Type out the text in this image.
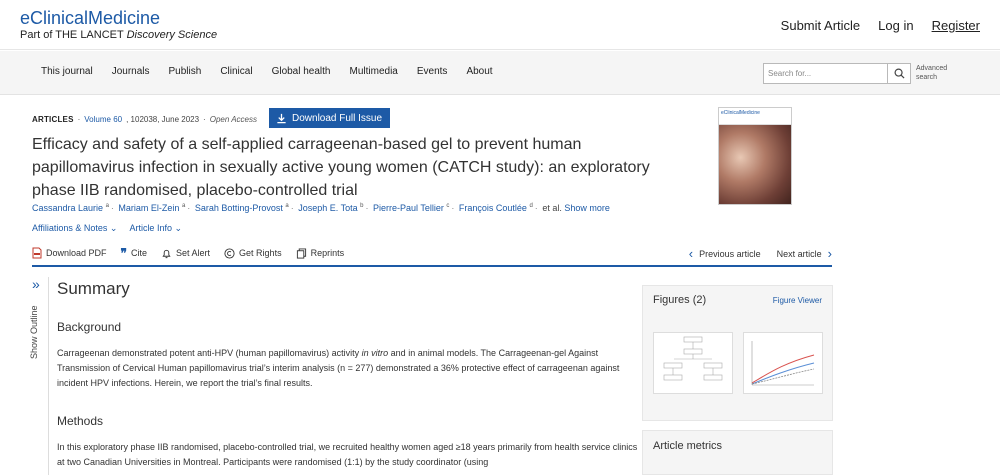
eClinicalMedicine
Part of THE LANCET Discovery Science
Submit Article Log in Register
This journal Journals Publish Clinical Global health Multimedia Events About	Search for...
Advanced search
ARTICLES · Volume 60 , 102038, June 2023 · Open Access	Download Full Issue
Efficacy and safety of a self-applied carrageenan-based gel to prevent human papillomavirus infection in sexually active young women (CATCH study): an exploratory phase IIB randomised, placebo-controlled trial
Cassandra Laurie $^a$ · Mariam El-Zein $^a$ · Sarah Botting-Provost $^a$ · Joseph E. Tota $^b$ · Pierre-Paul Tellier $^c$ · François Coutlée $^d$ · et al. Show more
Affiliations & Notes ⌄ Article Info ⌄
Download PDF ❞ Cite	Set Alert	Get Rights	Reprints	‹ Previous article Next article ›
eClinicalMedicine
»
Show Outline
Summary
Background
Carrageenan demonstrated potent anti-HPV (human papillomavirus) activity in vitro and in animal models. The Carrageenan-gel Against Transmission of Cervical Human papillomavirus trial’s interim analysis (n = 277) demonstrated a 36% protective effect of carrageenan against incident HPV infections. Herein, we report the trial’s final results.
Methods
In this exploratory phase IIB randomised, placebo-controlled trial, we recruited healthy women aged ≥18 years primarily from health service clinics at two Canadian Universities in Montreal. Participants were randomised (1:1) by the study coordinator (using
Figures (2)	Figure Viewer
Article metrics
